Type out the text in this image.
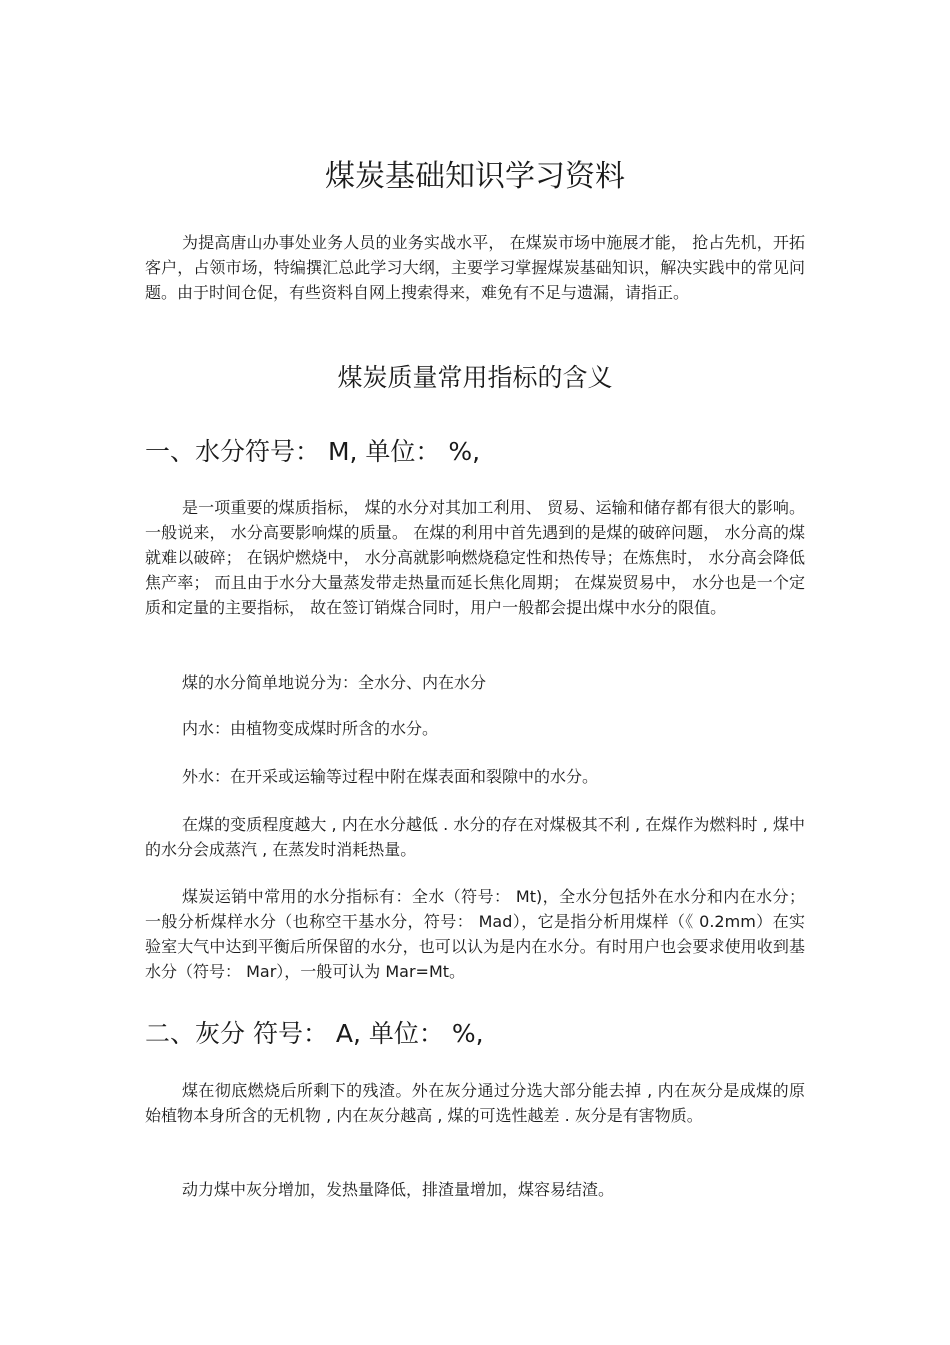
煤炭基础知识学习资料

为提高唐山办事处业务人员的业务实战水平， 在煤炭市场中施展才能， 抢占先机，开拓客户，占领市场，特编撰汇总此学习大纲，主要学习掌握煤炭基础知识，解决实践中的常见问题。由于时间仓促，有些资料自网上搜索得来，难免有不足与遗漏，请指正。

煤炭质量常用指标的含义
一、水分符号： M, 单位： %,

是一项重要的煤质指标， 煤的水分对其加工利用、 贸易、运输和储存都有很大的影响。一般说来， 水分高要影响煤的质量。 在煤的利用中首先遇到的是煤的破碎问题， 水分高的煤就难以破碎； 在锅炉燃烧中， 水分高就影响燃烧稳定性和热传导；在炼焦时， 水分高会降低焦产率； 而且由于水分大量蒸发带走热量而延长焦化周期； 在煤炭贸易中， 水分也是一个定质和定量的主要指标， 故在签订销煤合同时，用户一般都会提出煤中水分的限值。

煤的水分简单地说分为：全水分、内在水分

内水：由植物变成煤时所含的水分。

外水：在开采或运输等过程中附在煤表面和裂隙中的水分。

在煤的变质程度越大 , 内在水分越低 . 水分的存在对煤极其不利 , 在煤作为燃料时 , 煤中的水分会成蒸汽 , 在蒸发时消耗热量。

煤炭运销中常用的水分指标有：全水（符号： Mt)，全水分包括外在水分和内在水分；一般分析煤样水分（也称空干基水分，符号： Mad），它是指分析用煤样（《 0.2mm）在实验室大气中达到平衡后所保留的水分，也可以认为是内在水分。有时用户也会要求使用收到基水分（符号： Mar），一般可认为 Mar=Mt。

二、灰分 符号： A, 单位： %,

煤在彻底燃烧后所剩下的残渣。外在灰分通过分选大部分能去掉 , 内在灰分是成煤的原始植物本身所含的无机物 , 内在灰分越高 , 煤的可选性越差 . 灰分是有害物质。

动力煤中灰分增加，发热量降低，排渣量增加，煤容易结渣。
